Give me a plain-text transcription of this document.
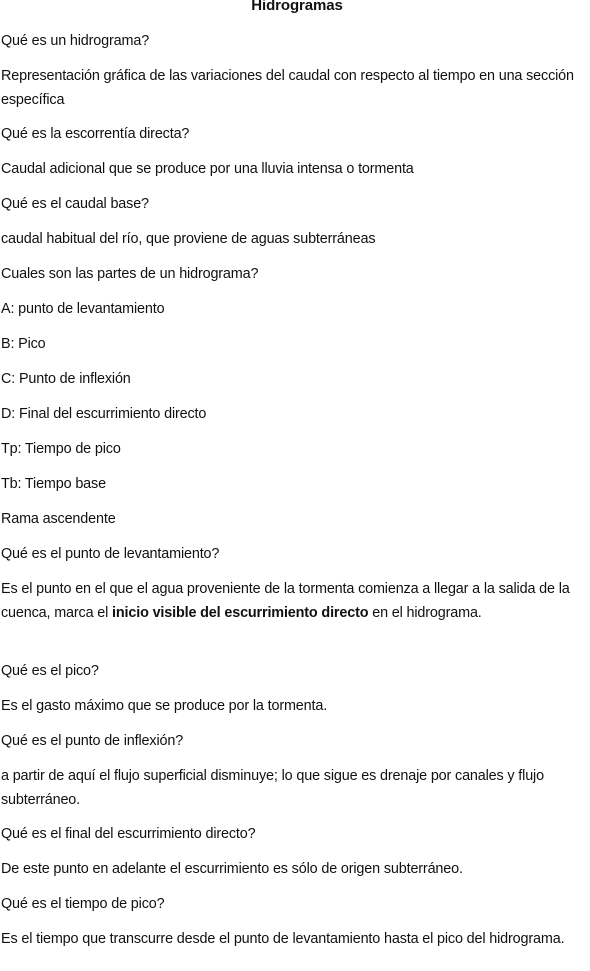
Hidrogramas
Qué es un hidrograma?
Representación gráfica de las variaciones del caudal con respecto al tiempo en una sección específica
Qué es la escorrentía directa?
Caudal adicional que se produce por una lluvia intensa o tormenta
Qué es el caudal base?
caudal habitual del río, que proviene de aguas subterráneas
Cuales son las partes de un hidrograma?
A: punto de levantamiento
B: Pico
C: Punto de inflexión
D: Final del escurrimiento directo
Tp: Tiempo de pico
Tb: Tiempo base
Rama ascendente
Qué es el punto de levantamiento?
Es el punto en el que el agua proveniente de la tormenta comienza a llegar a la salida de la cuenca, marca el inicio visible del escurrimiento directo en el hidrograma.
Qué es el pico?
Es el gasto máximo que se produce por la tormenta.
Qué es el punto de inflexión?
a partir de aquí el flujo superficial disminuye; lo que sigue es drenaje por canales y flujo subterráneo.
Qué es el final del escurrimiento directo?
De este punto en adelante el escurrimiento es sólo de origen subterráneo.
Qué es el tiempo de pico?
Es el tiempo que transcurre desde el punto de levantamiento hasta el pico del hidrograma.
